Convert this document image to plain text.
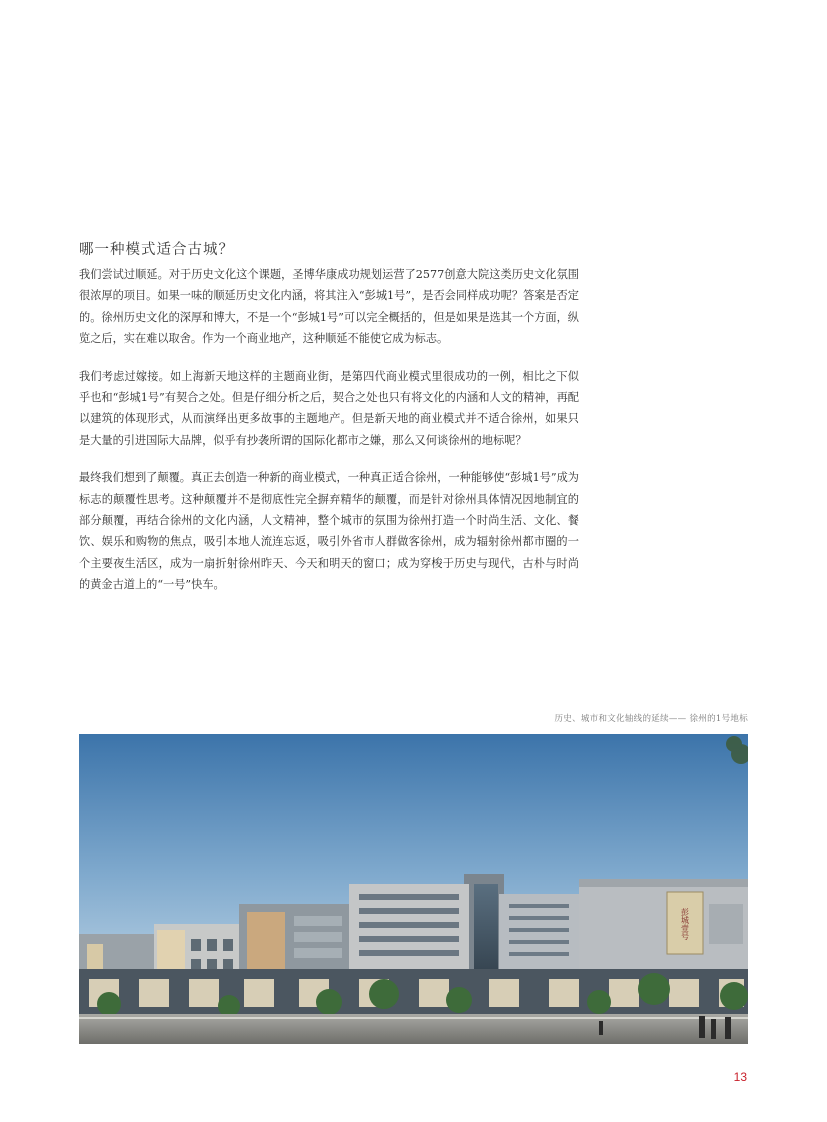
哪一种模式适合古城？

我们尝试过顺延。对于历史文化这个课题，圣博华康成功规划运营了2577创意大院这类历史文化氛围很浓厚的项目。如果一味的顺延历史文化内涵，将其注入“彭城1号”，是否会同样成功呢？答案是否定的。徐州历史文化的深厚和博大，不是一个“彭城1号”可以完全概括的，但是如果是选其一个方面，纵览之后，实在难以取舍。作为一个商业地产，这种顺延不能使它成为标志。

我们考虑过嫁接。如上海新天地这样的主题商业街，是第四代商业模式里很成功的一例，相比之下似乎也和“彭城1号”有契合之处。但是仔细分析之后，契合之处也只有将文化的内涵和人文的精神，再配以建筑的体现形式，从而演绎出更多故事的主题地产。但是新天地的商业模式并不适合徐州，如果只是大量的引进国际大品牌，似乎有抄袭所谓的国际化都市之嫌，那么又何谈徐州的地标呢？

最终我们想到了颠覆。真正去创造一种新的商业模式，一种真正适合徐州，一种能够使“彭城1号”成为标志的颠覆性思考。这种颠覆并不是彻底性完全摒弃精华的颠覆，而是针对徐州具体情况因地制宜的部分颠覆，再结合徐州的文化内涵，人文精神，整个城市的氛围为徐州打造一个时尚生活、文化、餐饮、娱乐和购物的焦点，吸引本地人流连忘返，吸引外省市人群做客徐州，成为辐射徐州都市圈的一个主要夜生活区，成为一扇折射徐州昨天、今天和明天的窗口；成为穿梭于历史与现代，古朴与时尚的黄金古道上的“一号”快车。

历史、城市和文化轴线的延续—— 徐州的1号地标
彭城壹号
13
